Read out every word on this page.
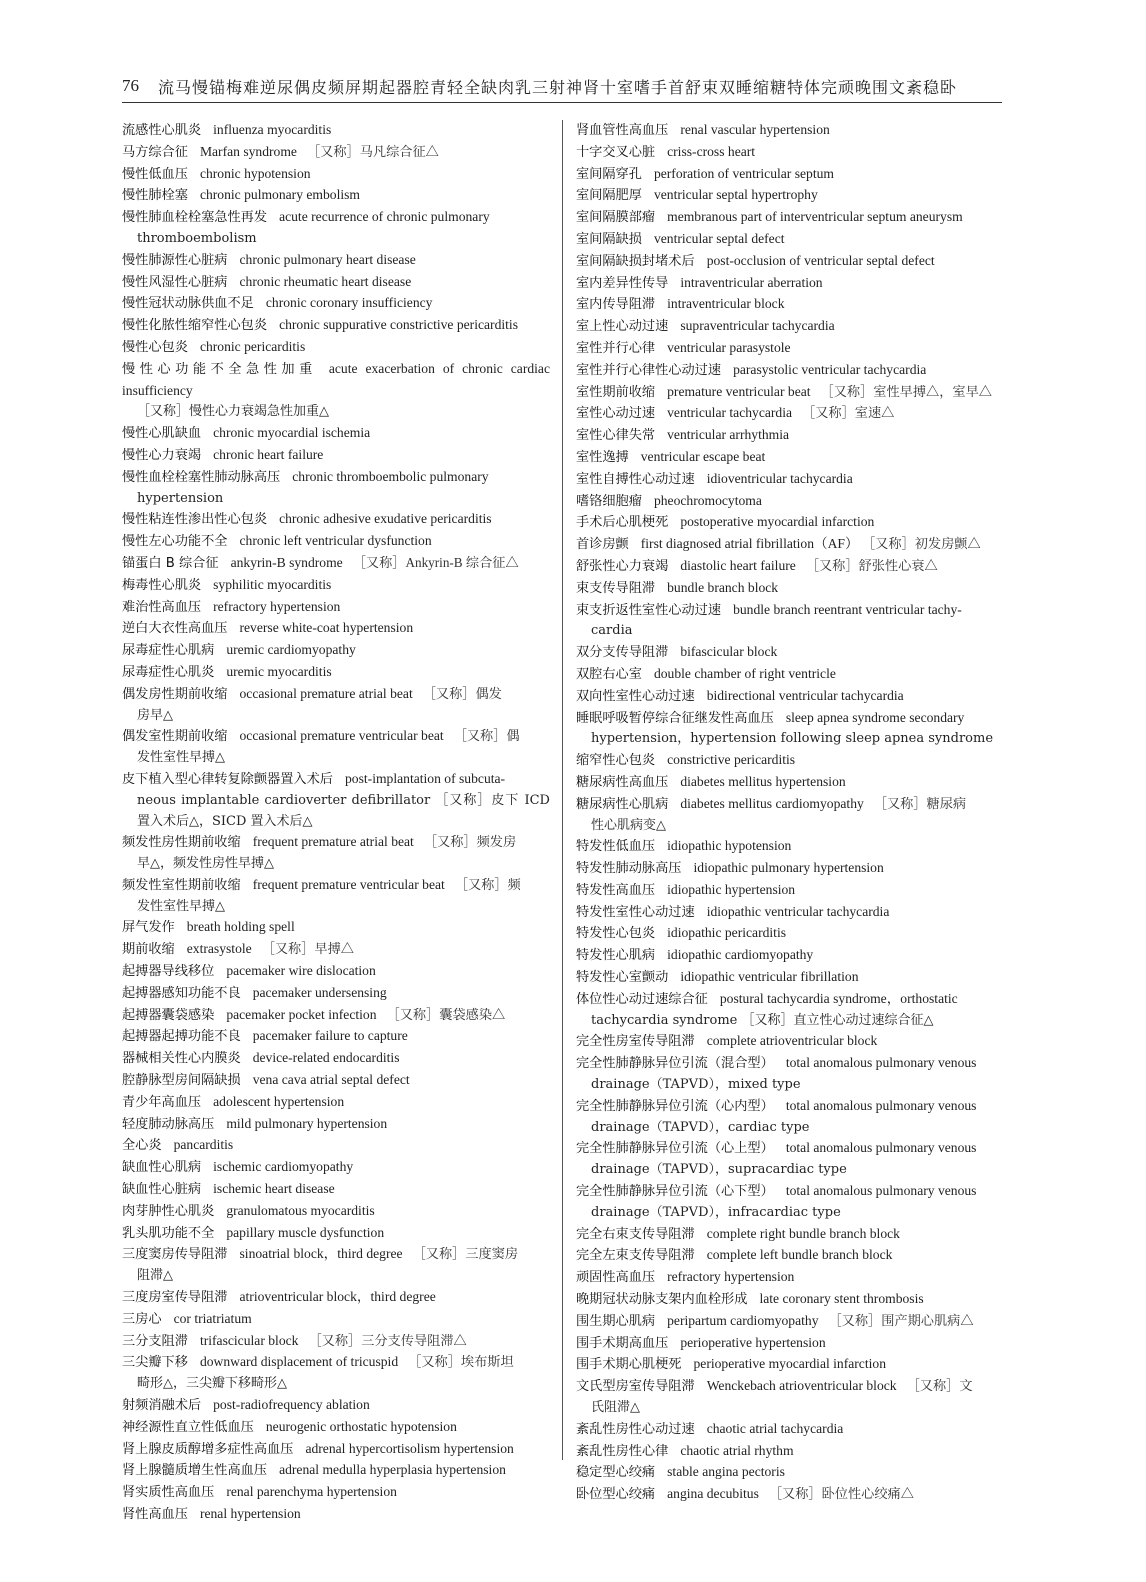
76 流马慢锚梅难逆尿偶皮频屏期起器腔青轻全缺肉乳三射神肾十室嗜手首舒束双睡缩糖特体完顽晚围文紊稳卧

流感性心肌炎 influenza myocarditis

马方综合征 Marfan syndrome ［又称］马凡综合征△

慢性低血压 chronic hypotension

慢性肺栓塞 chronic pulmonary embolism

慢性肺血栓栓塞急性再发 acute recurrence of chronic pulmonary
thromboembolism

慢性肺源性心脏病 chronic pulmonary heart disease

慢性风湿性心脏病 chronic rheumatic heart disease

慢性冠状动脉供血不足 chronic coronary insufficiency

慢性化脓性缩窄性心包炎 chronic suppurative constrictive pericarditis

慢性心包炎 chronic pericarditis

慢性心功能不全急性加重 acute exacerbation of chronic cardiac insufficiency
［又称］慢性心力衰竭急性加重△

慢性心肌缺血 chronic myocardial ischemia

慢性心力衰竭 chronic heart failure

慢性血栓栓塞性肺动脉高压 chronic thromboembolic pulmonary
hypertension

慢性粘连性渗出性心包炎 chronic adhesive exudative pericarditis

慢性左心功能不全 chronic left ventricular dysfunction

锚蛋白 B 综合征 ankyrin-B syndrome ［又称］Ankyrin-B 综合征△

梅毒性心肌炎 syphilitic myocarditis

难治性高血压 refractory hypertension

逆白大衣性高血压 reverse white-coat hypertension

尿毒症性心肌病 uremic cardiomyopathy

尿毒症性心肌炎 uremic myocarditis

偶发房性期前收缩 occasional premature atrial beat ［又称］偶发
房早△

偶发室性期前收缩 occasional premature ventricular beat ［又称］偶
发性室性早搏△

皮下植入型心律转复除颤器置入术后 post-implantation of subcuta-
neous implantable cardioverter defibrillator ［又称］皮下 ICD 置入术后△，SICD 置入术后△

频发性房性期前收缩 frequent premature atrial beat ［又称］频发房
早△，频发性房性早搏△

频发性室性期前收缩 frequent premature ventricular beat ［又称］频
发性室性早搏△

屏气发作 breath holding spell

期前收缩 extrasystole ［又称］早搏△

起搏器导线移位 pacemaker wire dislocation

起搏器感知功能不良 pacemaker undersensing

起搏器囊袋感染 pacemaker pocket infection ［又称］囊袋感染△

起搏器起搏功能不良 pacemaker failure to capture

器械相关性心内膜炎 device-related endocarditis

腔静脉型房间隔缺损 vena cava atrial septal defect

青少年高血压 adolescent hypertension

轻度肺动脉高压 mild pulmonary hypertension

全心炎 pancarditis

缺血性心肌病 ischemic cardiomyopathy

缺血性心脏病 ischemic heart disease

肉芽肿性心肌炎 granulomatous myocarditis

乳头肌功能不全 papillary muscle dysfunction

三度窦房传导阻滞 sinoatrial block，third degree ［又称］三度窦房
阻滞△

三度房室传导阻滞 atrioventricular block，third degree

三房心 cor triatriatum

三分支阻滞 trifascicular block ［又称］三分支传导阻滞△

三尖瓣下移 downward displacement of tricuspid ［又称］埃布斯坦
畸形△，三尖瓣下移畸形△

射频消融术后 post-radiofrequency ablation

神经源性直立性低血压 neurogenic orthostatic hypotension

肾上腺皮质醇增多症性高血压 adrenal hypercortisolism hypertension

肾上腺髓质增生性高血压 adrenal medulla hyperplasia hypertension

肾实质性高血压 renal parenchyma hypertension

肾性高血压 renal hypertension

肾血管性高血压 renal vascular hypertension

十字交叉心脏 criss-cross heart

室间隔穿孔 perforation of ventricular septum

室间隔肥厚 ventricular septal hypertrophy

室间隔膜部瘤 membranous part of interventricular septum aneurysm

室间隔缺损 ventricular septal defect

室间隔缺损封堵术后 post-occlusion of ventricular septal defect

室内差异性传导 intraventricular aberration

室内传导阻滞 intraventricular block

室上性心动过速 supraventricular tachycardia

室性并行心律 ventricular parasystole

室性并行心律性心动过速 parasystolic ventricular tachycardia

室性期前收缩 premature ventricular beat ［又称］室性早搏△，室早△

室性心动过速 ventricular tachycardia ［又称］室速△

室性心律失常 ventricular arrhythmia

室性逸搏 ventricular escape beat

室性自搏性心动过速 idioventricular tachycardia

嗜铬细胞瘤 pheochromocytoma

手术后心肌梗死 postoperative myocardial infarction

首诊房颤 first diagnosed atrial fibrillation（AF） ［又称］初发房颤△

舒张性心力衰竭 diastolic heart failure ［又称］舒张性心衰△

束支传导阻滞 bundle branch block

束支折返性室性心动过速 bundle branch reentrant ventricular tachy-
cardia

双分支传导阻滞 bifascicular block

双腔右心室 double chamber of right ventricle

双向性室性心动过速 bidirectional ventricular tachycardia

睡眠呼吸暂停综合征继发性高血压 sleep apnea syndrome secondary
hypertension，hypertension following sleep apnea syndrome

缩窄性心包炎 constrictive pericarditis

糖尿病性高血压 diabetes mellitus hypertension

糖尿病性心肌病 diabetes mellitus cardiomyopathy ［又称］糖尿病
性心肌病变△

特发性低血压 idiopathic hypotension

特发性肺动脉高压 idiopathic pulmonary hypertension

特发性高血压 idiopathic hypertension

特发性室性心动过速 idiopathic ventricular tachycardia

特发性心包炎 idiopathic pericarditis

特发性心肌病 idiopathic cardiomyopathy

特发性心室颤动 idiopathic ventricular fibrillation

体位性心动过速综合征 postural tachycardia syndrome，orthostatic
tachycardia syndrome ［又称］直立性心动过速综合征△

完全性房室传导阻滞 complete atrioventricular block

完全性肺静脉异位引流（混合型） total anomalous pulmonary venous
drainage（TAPVD），mixed type

完全性肺静脉异位引流（心内型） total anomalous pulmonary venous
drainage（TAPVD），cardiac type

完全性肺静脉异位引流（心上型） total anomalous pulmonary venous
drainage（TAPVD），supracardiac type

完全性肺静脉异位引流（心下型） total anomalous pulmonary venous
drainage（TAPVD），infracardiac type

完全右束支传导阻滞 complete right bundle branch block

完全左束支传导阻滞 complete left bundle branch block

顽固性高血压 refractory hypertension

晚期冠状动脉支架内血栓形成 late coronary stent thrombosis

围生期心肌病 peripartum cardiomyopathy ［又称］围产期心肌病△

围手术期高血压 perioperative hypertension

围手术期心肌梗死 perioperative myocardial infarction

文氏型房室传导阻滞 Wenckebach atrioventricular block ［又称］文
氏阻滞△

紊乱性房性心动过速 chaotic atrial tachycardia

紊乱性房性心律 chaotic atrial rhythm

稳定型心绞痛 stable angina pectoris

卧位型心绞痛 angina decubitus ［又称］卧位性心绞痛△
